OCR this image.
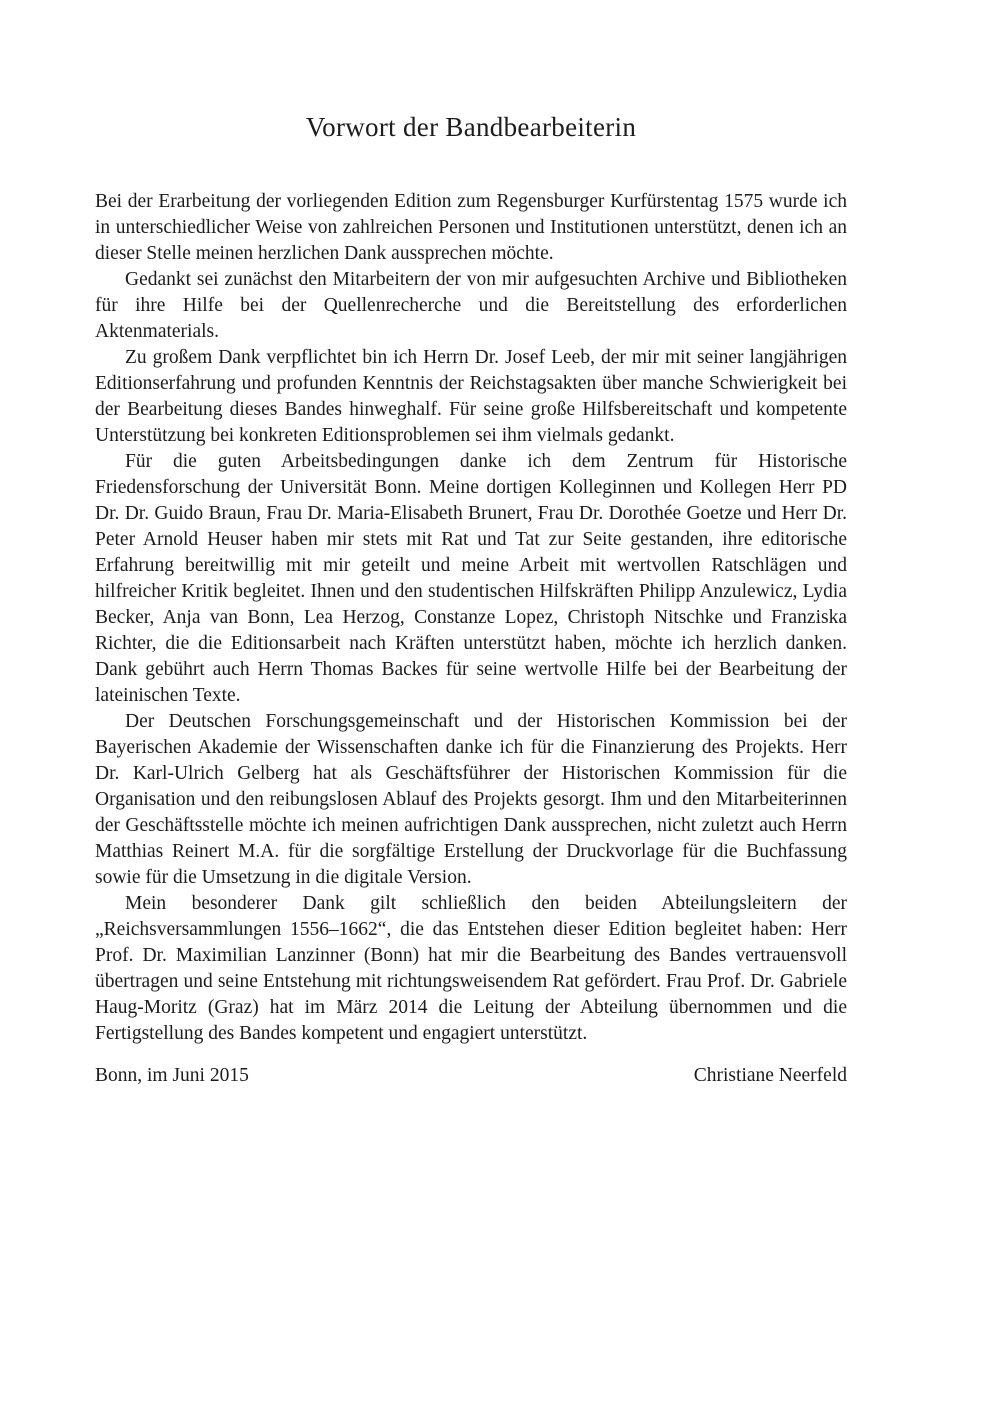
Vorwort der Bandbearbeiterin

Bei der Erarbeitung der vorliegenden Edition zum Regensburger Kurfürstentag 1575 wurde ich in unterschiedlicher Weise von zahlreichen Personen und Institutionen unterstützt, denen ich an dieser Stelle meinen herzlichen Dank aussprechen möchte.

Gedankt sei zunächst den Mitarbeitern der von mir aufgesuchten Archive und Bibliotheken für ihre Hilfe bei der Quellenrecherche und die Bereitstellung des erforderlichen Aktenmaterials.

Zu großem Dank verpflichtet bin ich Herrn Dr. Josef Leeb, der mir mit seiner langjährigen Editionserfahrung und profunden Kenntnis der Reichstagsakten über manche Schwierigkeit bei der Bearbeitung dieses Bandes hinweghalf. Für seine große Hilfsbereitschaft und kompetente Unterstützung bei konkreten Editionsproblemen sei ihm vielmals gedankt.

Für die guten Arbeitsbedingungen danke ich dem Zentrum für Historische Friedensforschung der Universität Bonn. Meine dortigen Kolleginnen und Kollegen Herr PD Dr. Dr. Guido Braun, Frau Dr. Maria-Elisabeth Brunert, Frau Dr. Dorothée Goetze und Herr Dr. Peter Arnold Heuser haben mir stets mit Rat und Tat zur Seite gestanden, ihre editorische Erfahrung bereitwillig mit mir geteilt und meine Arbeit mit wertvollen Ratschlägen und hilfreicher Kritik begleitet. Ihnen und den studentischen Hilfskräften Philipp Anzulewicz, Lydia Becker, Anja van Bonn, Lea Herzog, Constanze Lopez, Christoph Nitschke und Franziska Richter, die die Editionsarbeit nach Kräften unterstützt haben, möchte ich herzlich danken. Dank gebührt auch Herrn Thomas Backes für seine wertvolle Hilfe bei der Bearbeitung der lateinischen Texte.

Der Deutschen Forschungsgemeinschaft und der Historischen Kommission bei der Bayerischen Akademie der Wissenschaften danke ich für die Finanzierung des Projekts. Herr Dr. Karl-Ulrich Gelberg hat als Geschäftsführer der Historischen Kommission für die Organisation und den reibungslosen Ablauf des Projekts gesorgt. Ihm und den Mitarbeiterinnen der Geschäftsstelle möchte ich meinen aufrichtigen Dank aussprechen, nicht zuletzt auch Herrn Matthias Reinert M.A. für die sorgfältige Erstellung der Druckvorlage für die Buchfassung sowie für die Umsetzung in die digitale Version.

Mein besonderer Dank gilt schließlich den beiden Abteilungsleitern der „Reichsversammlungen 1556–1662“, die das Entstehen dieser Edition begleitet haben: Herr Prof. Dr. Maximilian Lanzinner (Bonn) hat mir die Bearbeitung des Bandes vertrauensvoll übertragen und seine Entstehung mit richtungsweisendem Rat gefördert. Frau Prof. Dr. Gabriele Haug-Moritz (Graz) hat im März 2014 die Leitung der Abteilung übernommen und die Fertigstellung des Bandes kompetent und engagiert unterstützt.

Bonn, im Juni 2015	Christiane Neerfeld
